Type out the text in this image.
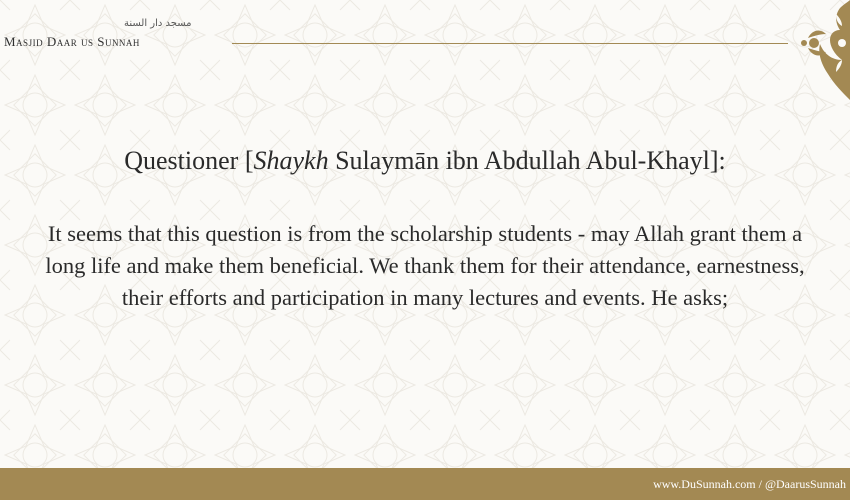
مسجد دار السنة
Masjid Daar us Sunnah
Questioner [Shaykh Sulaymān ibn Abdullah Abul-Khayl]:
It seems that this question is from the scholarship students - may Allah grant them a long life and make them beneficial. We thank them for their attendance, earnestness, their efforts and participation in many lectures and events. He asks;
www.DuSunnah.com / @DaarusSunnah
